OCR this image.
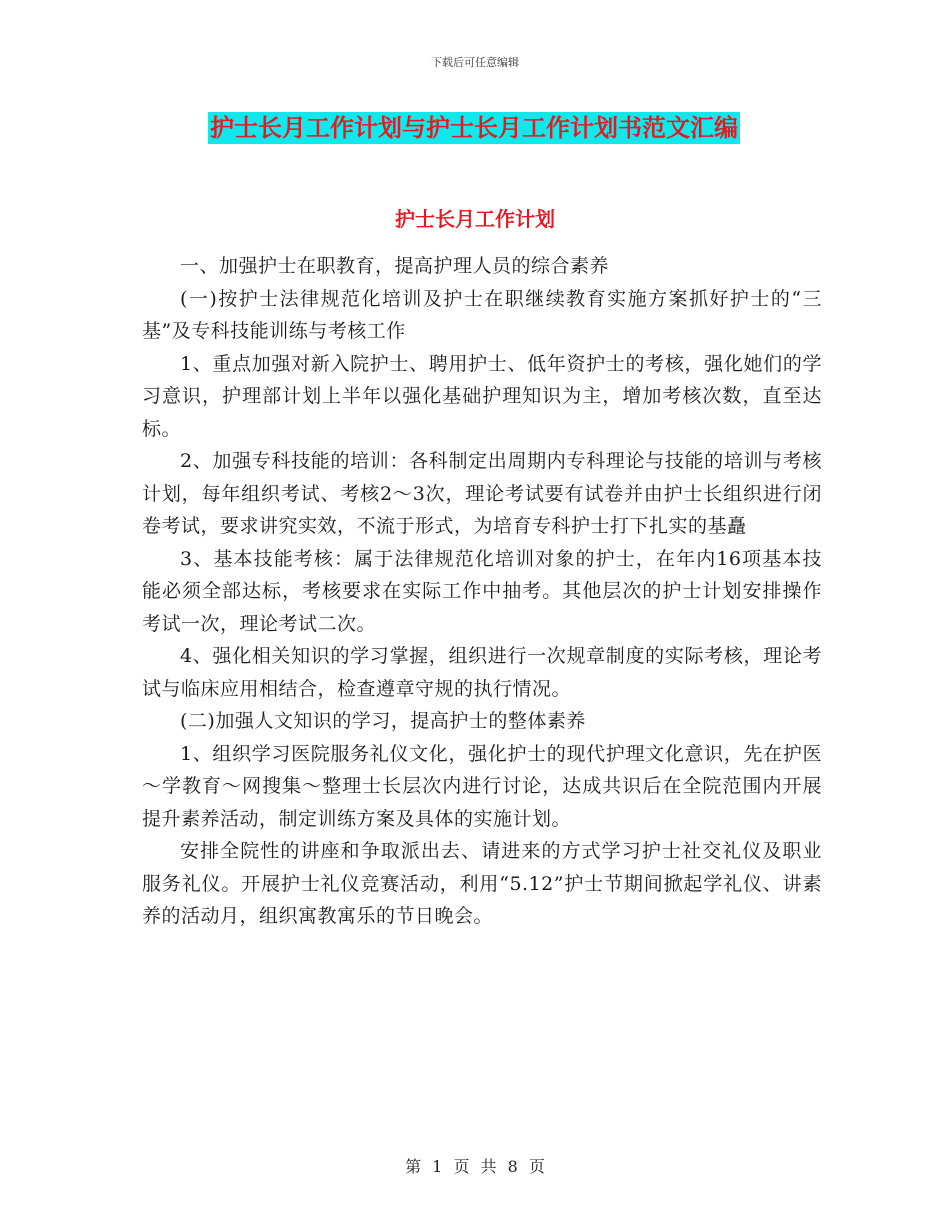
下载后可任意编辑
护士长月工作计划与护士长月工作计划书范文汇编
护士长月工作计划

一、加强护士在职教育，提高护理人员的综合素养

(一)按护士法律规范化培训及护士在职继续教育实施方案抓好护士的“三基”及专科技能训练与考核工作

1、重点加强对新入院护士、聘用护士、低年资护士的考核，强化她们的学习意识，护理部计划上半年以强化基础护理知识为主，增加考核次数，直至达标。

2、加强专科技能的培训：各科制定出周期内专科理论与技能的培训与考核计划，每年组织考试、考核2～3次，理论考试要有试卷并由护士长组织进行闭卷考试，要求讲究实效，不流于形式，为培育专科护士打下扎实的基矗

3、基本技能考核：属于法律规范化培训对象的护士，在年内16项基本技能必须全部达标，考核要求在实际工作中抽考。其他层次的护士计划安排操作考试一次，理论考试二次。

4、强化相关知识的学习掌握，组织进行一次规章制度的实际考核，理论考试与临床应用相结合，检查遵章守规的执行情况。

(二)加强人文知识的学习，提高护士的整体素养

1、组织学习医院服务礼仪文化，强化护士的现代护理文化意识，先在护医～学教育～网搜集～整理士长层次内进行讨论，达成共识后在全院范围内开展提升素养活动，制定训练方案及具体的实施计划。

安排全院性的讲座和争取派出去、请进来的方式学习护士社交礼仪及职业服务礼仪。开展护士礼仪竞赛活动，利用“5.12”护士节期间掀起学礼仪、讲素养的活动月，组织寓教寓乐的节日晚会。

第 1 页 共 8 页
